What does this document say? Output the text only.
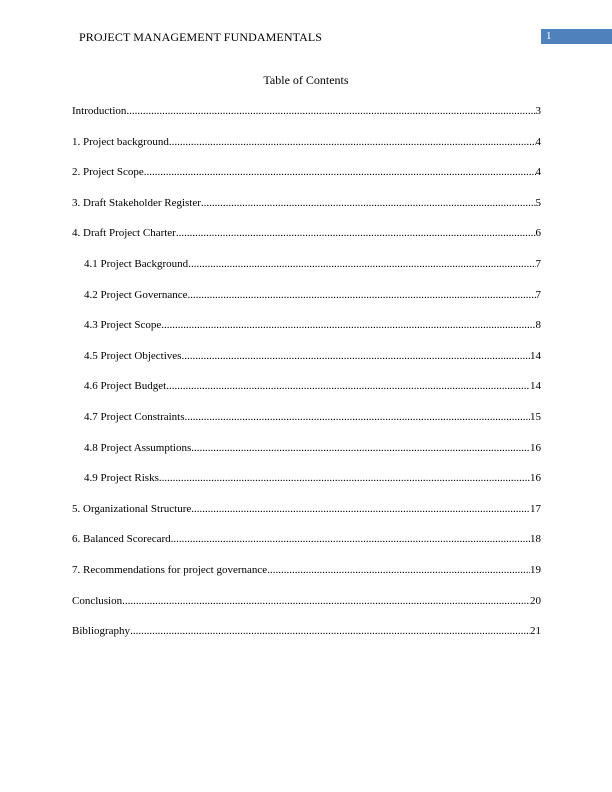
PROJECT MANAGEMENT FUNDAMENTALS	1
Table of Contents
Introduction .....	3
1. Project background .....	4
2. Project Scope .....	4
3. Draft Stakeholder Register .....	5
4. Draft Project Charter .....	6
4.1 Project Background .....	7
4.2 Project Governance .....	7
4.3 Project Scope .....	8
4.5 Project Objectives .....	14
4.6 Project Budget .....	14
4.7 Project Constraints .....	15
4.8 Project Assumptions .....	16
4.9 Project Risks .....	16
5. Organizational Structure .....	17
6. Balanced Scorecard .....	18
7. Recommendations for project governance .....	19
Conclusion .....	20
Bibliography .....	21
